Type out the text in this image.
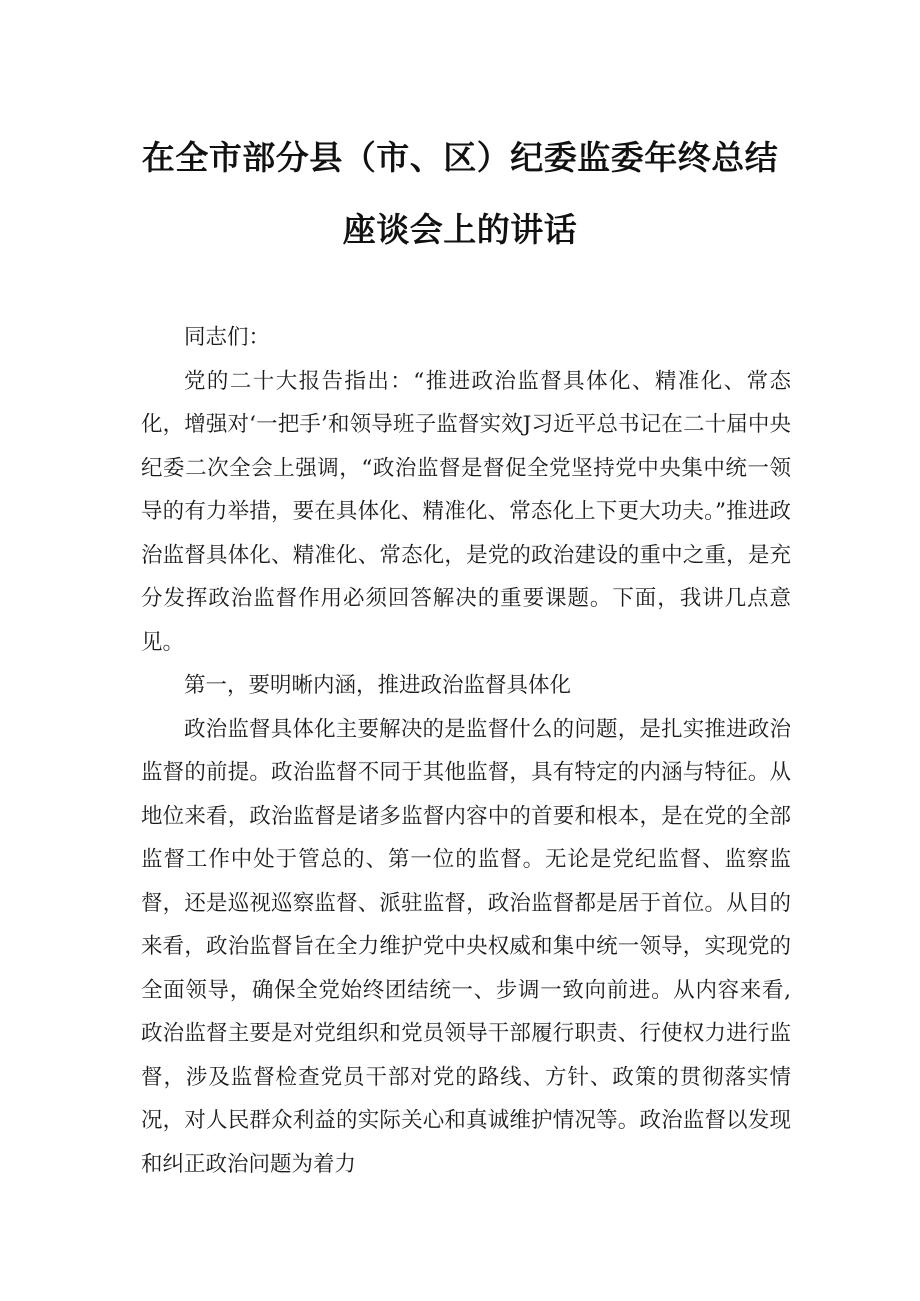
在全市部分县（市、区）纪委监委年终总结
座谈会上的讲话

同志们：

党的二十大报告指出：“推进政治监督具体化、精准化、常态化，增强对‘一把手’和领导班子监督实效J习近平总书记在二十届中央纪委二次全会上强调，“政治监督是督促全党坚持党中央集中统一领导的有力举措，要在具体化、精准化、常态化上下更大功夫。”推进政治监督具体化、精准化、常态化，是党的政治建设的重中之重，是充分发挥政治监督作用必须回答解决的重要课题。下面，我讲几点意见。

第一，要明晰内涵，推进政治监督具体化

政治监督具体化主要解决的是监督什么的问题，是扎实推进政治监督的前提。政治监督不同于其他监督，具有特定的内涵与特征。从地位来看，政治监督是诸多监督内容中的首要和根本，是在党的全部监督工作中处于管总的、第一位的监督。无论是党纪监督、监察监督，还是巡视巡察监督、派驻监督，政治监督都是居于首位。从目的来看，政治监督旨在全力维护党中央权威和集中统一领导，实现党的全面领导，确保全党始终团结统一、步调一致向前进。从内容来看,政治监督主要是对党组织和党员领导干部履行职责、行使权力进行监督，涉及监督检查党员干部对党的路线、方针、政策的贯彻落实情况，对人民群众利益的实际关心和真诚维护情况等。政治监督以发现和纠正政治问题为着力
